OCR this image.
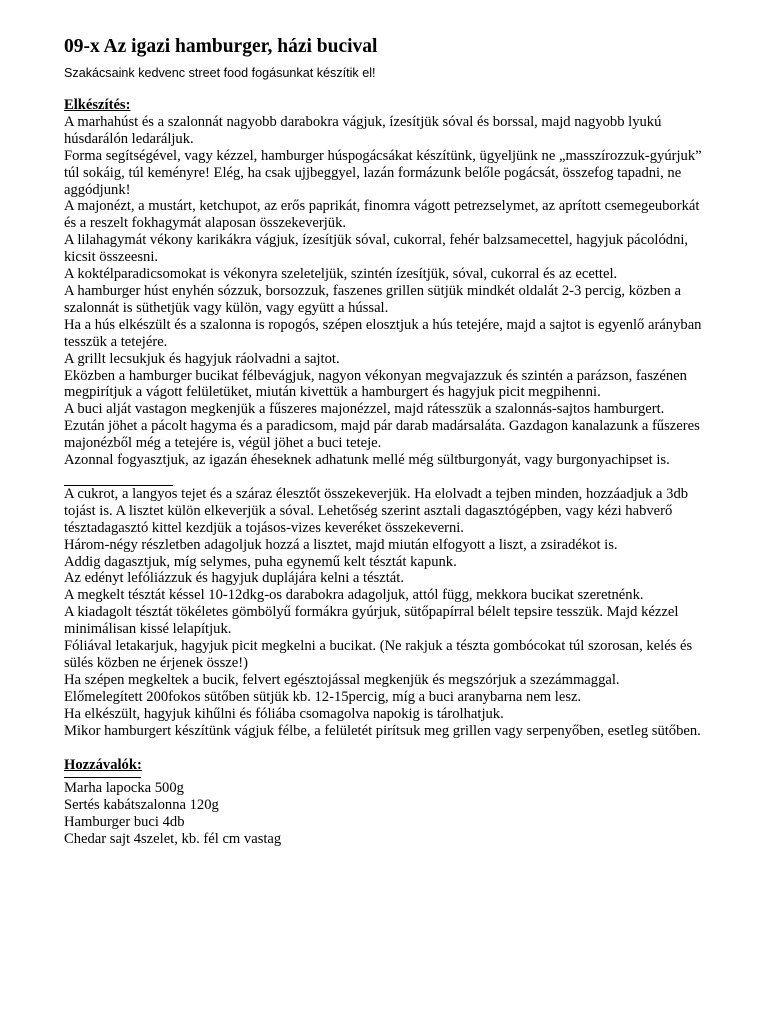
09-x Az igazi hamburger, házi bucival
Szakácsaink kedvenc street food fogásunkat készítik el!
Elkészítés:

A marhahúst és a szalonnát nagyobb darabokra vágjuk, ízesítjük sóval és borssal, majd nagyobb lyukú húsdarálón ledaráljuk.

Forma segítségével, vagy kézzel, hamburger húspogácsákat készítünk, ügyeljünk ne „masszírozzuk-gyúrjuk” túl sokáig, túl keményre! Elég, ha csak ujjbeggyel, lazán formázunk belőle pogácsát, összefog tapadni, ne aggódjunk!

A majonézt, a mustárt, ketchupot, az erős paprikát, finomra vágott petrezselymet, az aprított csemegeuborkát és a reszelt fokhagymát alaposan összekeverjük.

A lilahagymát vékony karikákra vágjuk, ízesítjük sóval, cukorral, fehér balzsamecettel, hagyjuk pácolódni, kicsit összeesni.

A koktélparadicsomokat is vékonyra szeleteljük, szintén ízesítjük, sóval, cukorral és az ecettel.

A hamburger húst enyhén sózzuk, borsozzuk, faszenes grillen sütjük mindkét oldalát 2-3 percig, közben a szalonnát is süthetjük vagy külön, vagy együtt a hússal.

Ha a hús elkészült és a szalonna is ropogós, szépen elosztjuk a hús tetejére, majd a sajtot is egyenlő arányban tesszük a tetejére.

A grillt lecsukjuk és hagyjuk ráolvadni a sajtot.

Eközben a hamburger bucikat félbevágjuk, nagyon vékonyan megvajazzuk és szintén a parázson, faszénen megpirítjuk a vágott felületüket, miután kivettük a hamburgert és hagyjuk picit megpihenni.

A buci alját vastagon megkenjük a fűszeres majonézzel, majd rátesszük a szalonnás-sajtos hamburgert.

Ezután jöhet a pácolt hagyma és a paradicsom, majd pár darab madársaláta. Gazdagon kanalazunk a fűszeres majonézből még a tetejére is, végül jöhet a buci teteje.

Azonnal fogyasztjuk, az igazán éheseknek adhatunk mellé még sültburgonyát, vagy burgonyachipset is.

A cukrot, a langyos tejet és a száraz élesztőt összekeverjük. Ha elolvadt a tejben minden, hozzáadjuk a 3db tojást is. A lisztet külön elkeverjük a sóval. Lehetőség szerint asztali dagasztógépben, vagy kézi habverő tésztadagasztó kittel kezdjük a tojásos-vizes keveréket összekeverni.

Három-négy részletben adagoljuk hozzá a lisztet, majd miután elfogyott a liszt, a zsiradékot is.

Addig dagasztjuk, míg selymes, puha egynemű kelt tésztát kapunk.

Az edényt lefóliázzuk és hagyjuk duplájára kelni a tésztát.

A megkelt tésztát késsel 10-12dkg-os darabokra adagoljuk, attól függ, mekkora bucikat szeretnénk.

A kiadagolt tésztát tökéletes gömbölyű formákra gyúrjuk, sütőpapírral bélelt tepsire tesszük. Majd kézzel minimálisan kissé lelapítjuk.

Fóliával letakarjuk, hagyjuk picit megkelni a bucikat. (Ne rakjuk a tészta gombócokat túl szorosan, kelés és sülés közben ne érjenek össze!)

Ha szépen megkeltek a bucik, felvert egésztojással megkenjük és megszórjuk a szezámmaggal.

Előmelegített 200fokos sütőben sütjük kb. 12-15percig, míg a buci aranybarna nem lesz.

Ha elkészült, hagyjuk kihűlni és fóliába csomagolva napokig is tárolhatjuk.

Mikor hamburgert készítünk vágjuk félbe, a felületét pirítsuk meg grillen vagy serpenyőben, esetleg sütőben.

Hozzávalók:

Marha lapocka 500g

Sertés kabátszalonna 120g

Hamburger buci 4db

Chedar sajt 4szelet, kb. fél cm vastag
